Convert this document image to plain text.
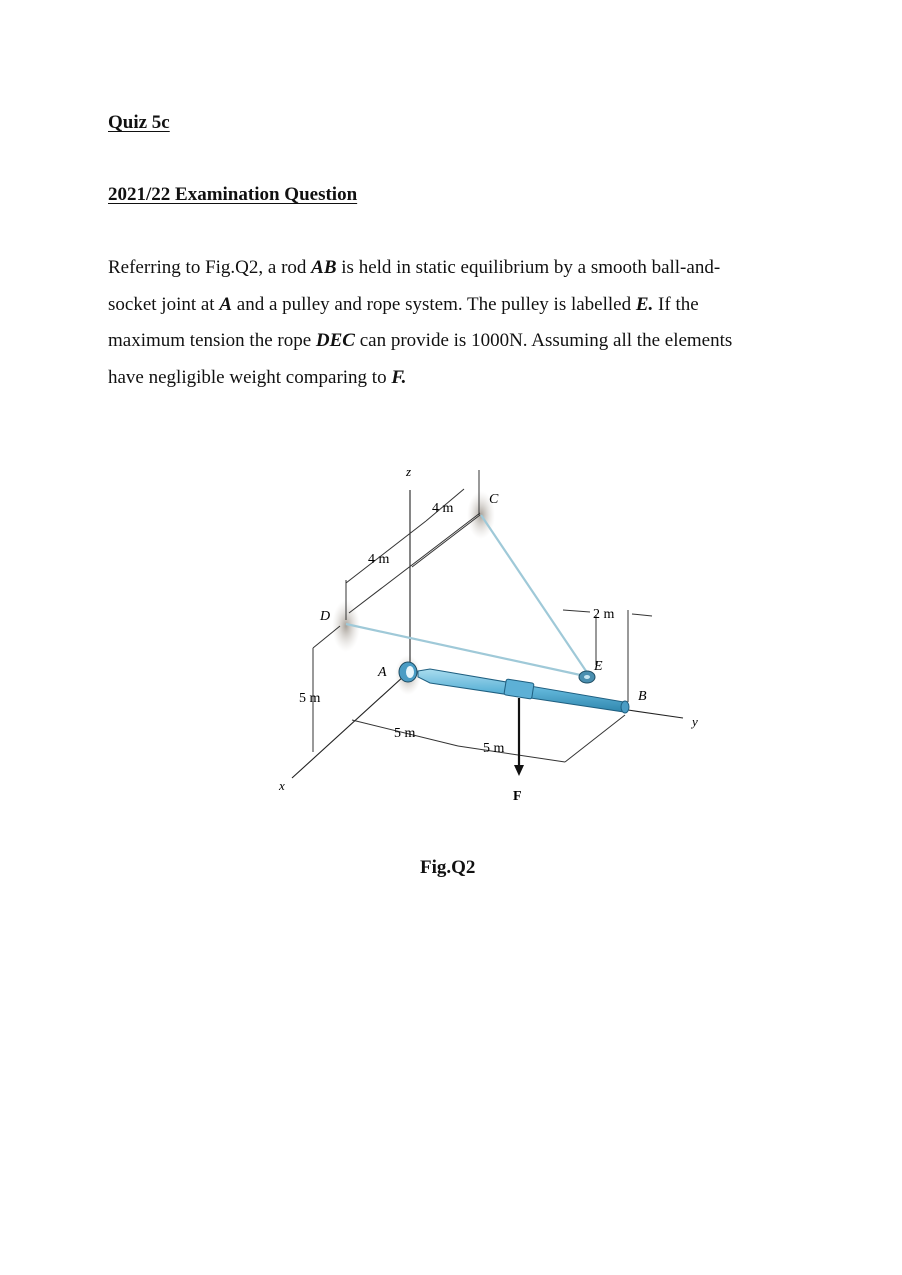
Quiz 5c
2021/22 Examination Question
Referring to Fig.Q2, a rod AB is held in static equilibrium by a smooth ball-and-
socket joint at A and a pulley and rope system. The pulley is labelled E. If the
maximum tension the rope DEC can provide is 1000N. Assuming all the elements
have negligible weight comparing to F.
z
x
y
C
D
A	E
B
F
4 m
4 m
2 m
5 m
5 m
5 m
Fig.Q2
